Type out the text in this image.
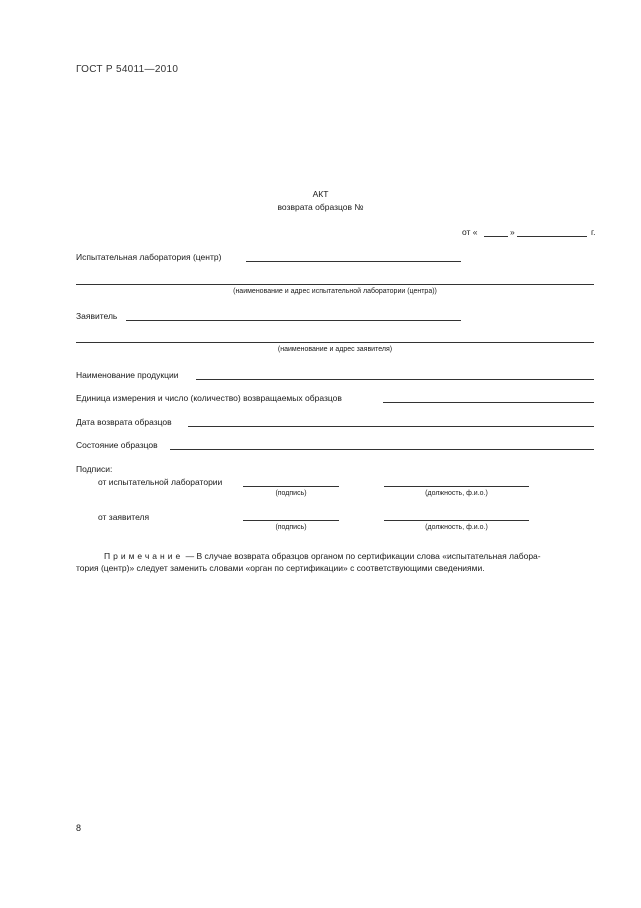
ГОСТ Р 54011—2010
АКТ
возврата образцов №
от «	»	г.
Испытательная лаборатория (центр)
(наименование и адрес испытательной лаборатории (центра))
Заявитель
(наименование и адрес заявителя)
Наименование продукции
Единица измерения и число (количество) возвращаемых образцов
Дата возврата образцов
Состояние образцов
Подписи:
от испытательной лаборатории
(подпись)	(должность, ф.и.о.)
от заявителя
(подпись)	(должность, ф.и.о.)
Примечание — В случае возврата образцов органом по сертификации слова «испытательная лабора-
тория (центр)» следует заменить словами «орган по сертификации» с соответствующими сведениями.
8
